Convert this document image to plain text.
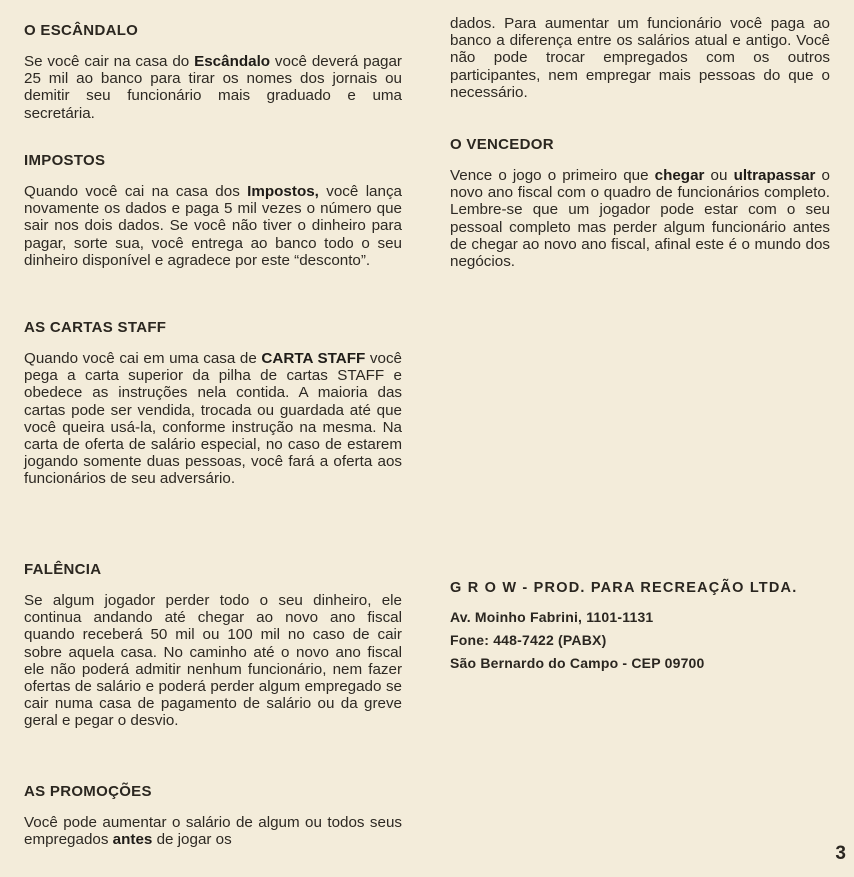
O ESCÂNDALO

Se você cair na casa do Escândalo você deverá pagar 25 mil ao banco para tirar os nomes dos jornais ou demitir seu funcionário mais graduado e uma secretária.

IMPOSTOS

Quando você cai na casa dos Impostos, você lança novamente os dados e paga 5 mil vezes o número que sair nos dois dados. Se você não tiver o dinheiro para pagar, sorte sua, você entrega ao banco todo o seu dinheiro disponível e agradece por este “desconto”.

AS CARTAS STAFF

Quando você cai em uma casa de CARTA STAFF você pega a carta superior da pilha de cartas STAFF e obedece as instruções nela contida. A maioria das cartas pode ser vendida, trocada ou guardada até que você queira usá-la, conforme instrução na mesma. Na carta de oferta de salário especial, no caso de estarem jogando somente duas pessoas, você fará a oferta aos funcionários de seu adversário.

FALÊNCIA

Se algum jogador perder todo o seu dinheiro, ele continua andando até chegar ao novo ano fiscal quando receberá 50 mil ou 100 mil no caso de cair sobre aquela casa. No caminho até o novo ano fiscal ele não poderá admitir nenhum funcionário, nem fazer ofertas de salário e poderá perder algum empregado se cair numa casa de pagamento de salário ou da greve geral e pegar o desvio.

AS PROMOÇÕES

Você pode aumentar o salário de algum ou todos seus empregados antes de jogar os

dados. Para aumentar um funcionário você paga ao banco a diferença entre os salários atual e antigo. Você não pode trocar empregados com os outros participantes, nem empregar mais pessoas do que o necessário.

O VENCEDOR

Vence o jogo o primeiro que chegar ou ultrapassar o novo ano fiscal com o quadro de funcionários completo. Lembre-se que um jogador pode estar com o seu pessoal completo mas perder algum funcionário antes de chegar ao novo ano fiscal, afinal este é o mundo dos negócios.

G R O W - PROD. PARA RECREAÇÃO LTDA.
Av. Moinho Fabrini, 1101-1131
Fone: 448-7422 (PABX)
São Bernardo do Campo - CEP 09700
3
